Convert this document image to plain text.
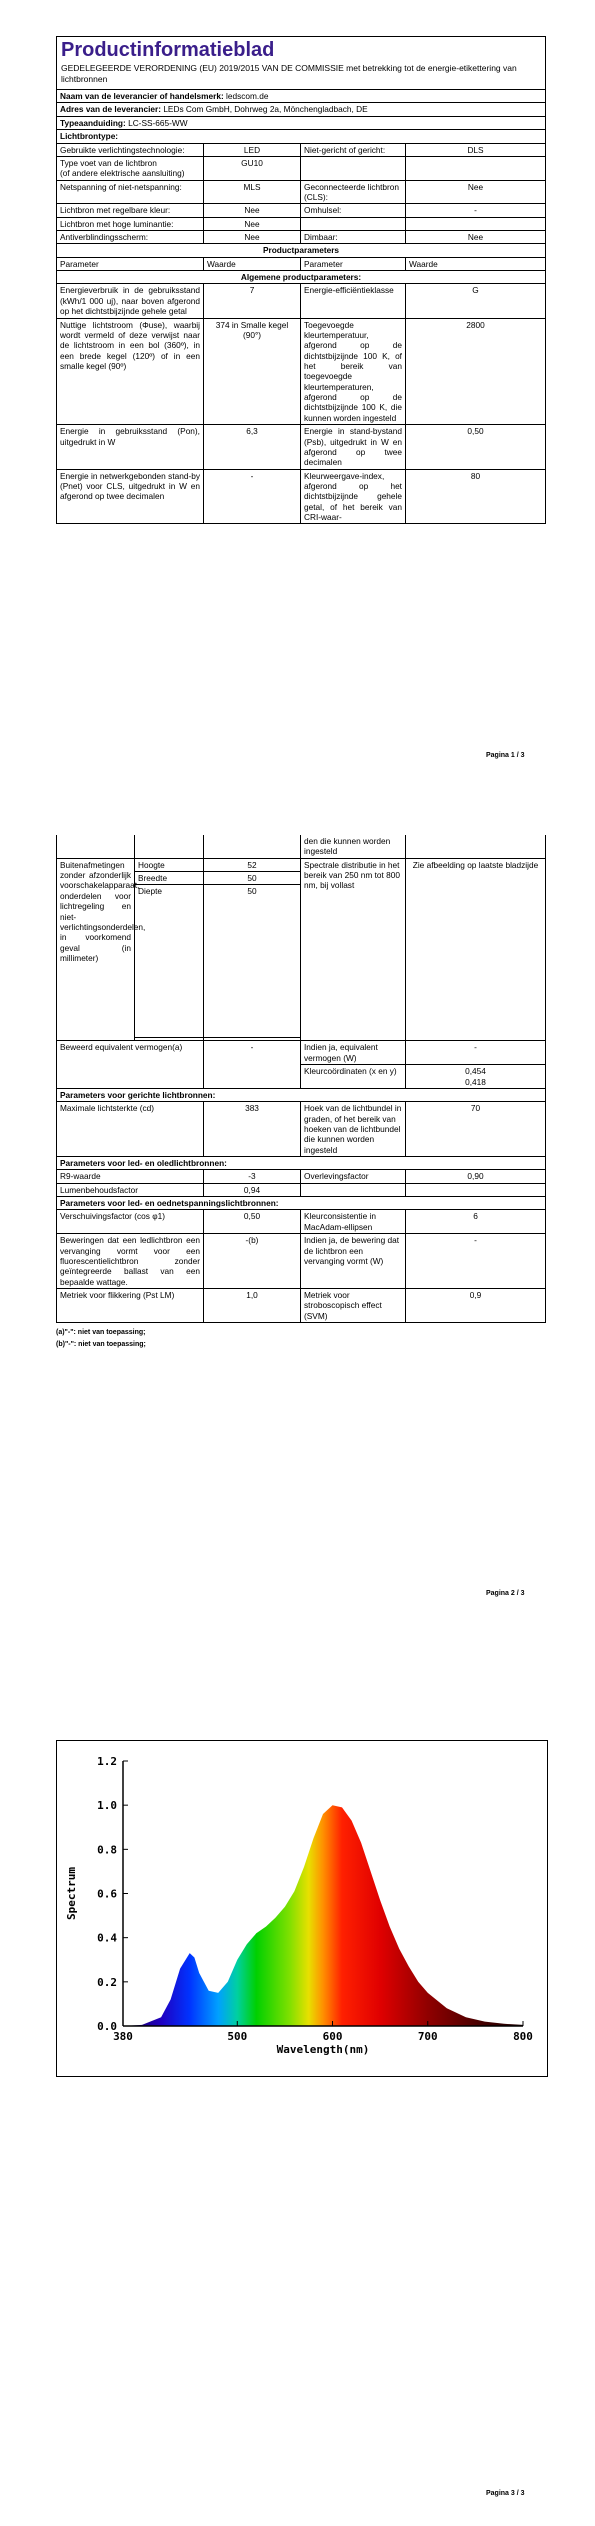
Productinformatieblad
GEDELEGEERDE VERORDENING (EU) 2019/2015 VAN DE COMMISSIE met betrekking tot de energie-etikettering van lichtbronnen			

Naam van de leverancier of handelsmerk: ledscom.de			
Adres van de leverancier: LEDs Com GmbH, Dohrweg 2a, Mönchengladbach, DE			
Typeaanduiding: LC-SS-665-WW			
Lichtbrontype:			
Gebruikte verlichtingstechnologie:	LED	Niet-gericht of gericht:	DLS
Type voet van de lichtbron
(of andere elektrische aansluiting)	GU10		
Netspanning of niet-netspanning:	MLS	Geconnecteerde lichtbron (CLS):	Nee
Lichtbron met regelbare kleur:	Nee	Omhulsel:	-
Lichtbron met hoge luminantie:	Nee		
Antiverblindingsscherm:	Nee	Dimbaar:	Nee
Productparameters			
Parameter	Waarde	Parameter	Waarde
Algemene productparameters:			
Energieverbruik in de gebruiksstand (kWh/1 000 uj), naar boven afgerond op het dichtstbijzijnde gehele getal	7	Energie-efficiëntieklasse	G
Nuttige lichtstroom (Φuse), waarbij wordt vermeld of deze verwijst naar de lichtstroom in een bol (360º), in een brede kegel (120º) of in een smalle kegel (90º)	374 in Smalle kegel (90°)	Toegevoegde kleurtemperatuur, afgerond op de dichtstbijzijnde 100 K, of het bereik van toegevoegde kleurtemperaturen, afgerond op de dichtstbijzijnde 100 K, die kunnen worden ingesteld	2800
Energie in gebruiksstand (Pon), uitgedrukt in W	6,3	Energie in stand-bystand (Psb), uitgedrukt in W en afgerond op twee decimalen	0,50
Energie in netwerkgebonden stand-by (Pnet) voor CLS, uitgedrukt in W en afgerond op twee decimalen	-	Kleurweergave-index, afgerond op het dichtstbijzijnde gehele getal, of het bereik van CRI-waar-	80
Pagina 1 / 3
			den die kunnen worden ingesteld	
Buitenafmetingen zonder afzonderlijk voorschakelapparaat, onderdelen voor lichtregeling en niet-verlichtingsonderdelen, in voorkomend geval (in millimeter)	Hoogte	52	Spectrale distributie in het bereik van 250 nm tot 800 nm, bij vollast	Zie afbeelding op laatste bladzijde
	Breedte	50		
	Diepte	50		

Beweerd equivalent vermogen(a)		-	Indien ja, equivalent vermogen (W)	-
			Kleurcoördinaten (x en y)	0,454
0,418

Parameters voor gerichte lichtbronnen:				
Maximale lichtsterkte (cd)		383	Hoek van de lichtbundel in graden, of het bereik van hoeken van de lichtbundel die kunnen worden ingesteld	70
Parameters voor led- en oledlichtbronnen:				
R9-waarde		-3	Overlevingsfactor	0,90
Lumenbehoudsfactor		0,94		
Parameters voor led- en oednetspanningslichtbronnen:				
Verschuivingsfactor (cos φ1)		0,50	Kleurconsistentie in MacAdam-ellipsen	6
Beweringen dat een ledlichtbron een vervanging vormt voor een fluorescentielichtbron zonder geïntegreerde ballast van een bepaalde wattage.		-(b)	Indien ja, de bewering dat de lichtbron een vervanging vormt (W)	-
Metriek voor flikkering (Pst LM)		1,0	Metriek voor stroboscopisch effect (SVM)	0,9
(a)"-": niet van toepassing;
(b)"-": niet van toepassing;
Pagina 2 / 3
0.0
0.2
0.4
0.6
0.8
1.0
1.2
380	500	600	700	800
Wavelength(nm)
Spectrum
Pagina 3 / 3
